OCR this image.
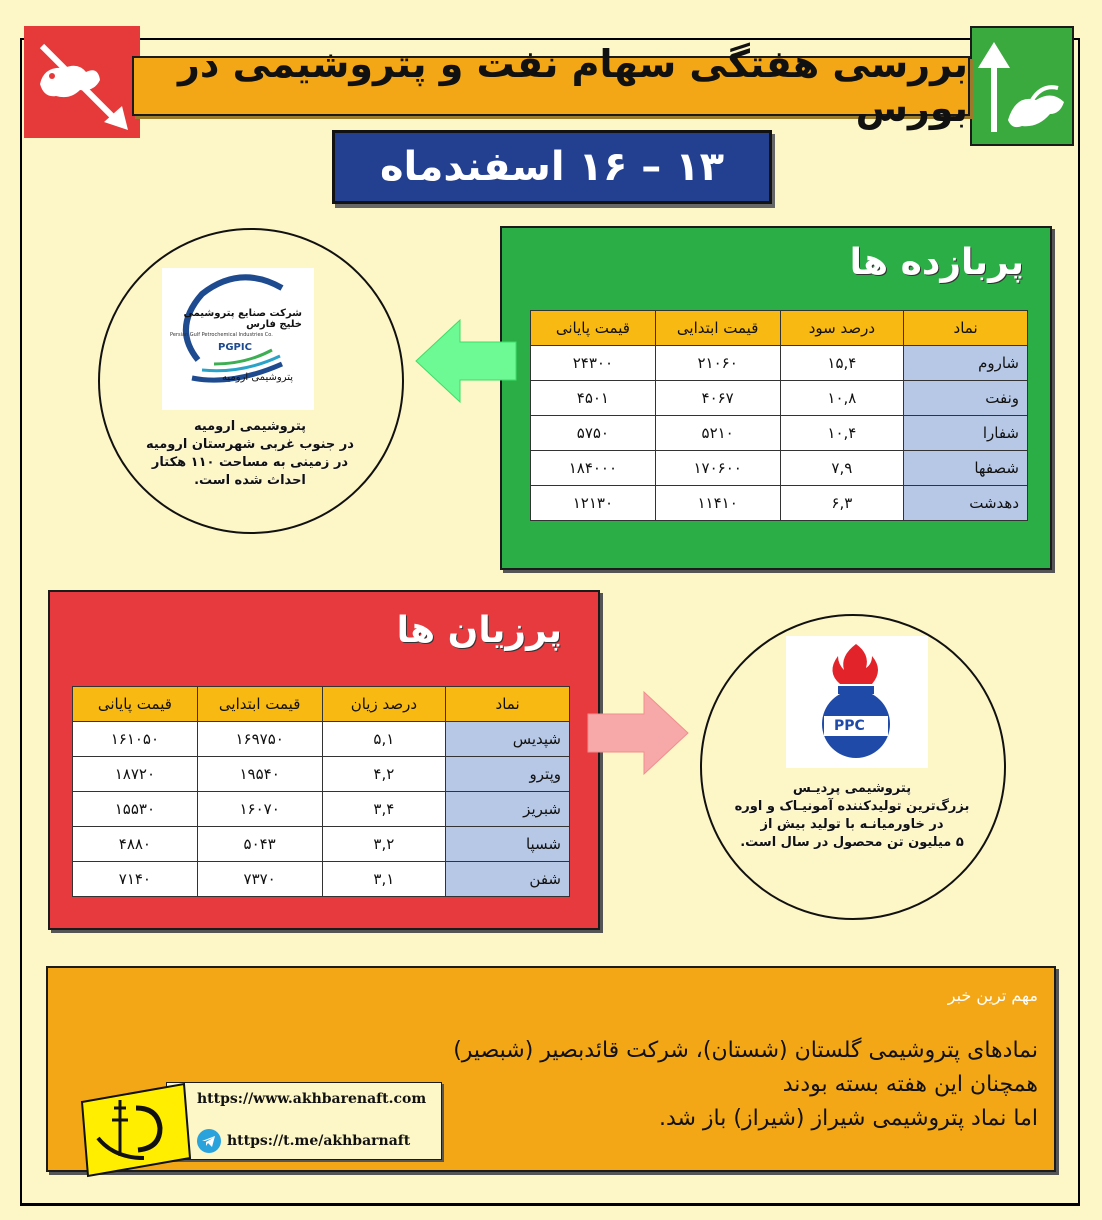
بررسی هفتگی سهام نفت و پتروشیمی در بورس
۱۳ – ۱۶ اسفندماه
پربازده ها
نماد	درصد سود	قیمت ابتدایی	قیمت پایانی
شاروم	۱۵,۴	۲۱۰۶۰	۲۴۳۰۰
ونفت	۱۰,۸	۴۰۶۷	۴۵۰۱
شفارا	۱۰,۴	۵۲۱۰	۵۷۵۰
شصفها	۷,۹	۱۷۰۶۰۰	۱۸۴۰۰۰
دهدشت	۶,۳	۱۱۴۱۰	۱۲۱۳۰
شرکت صنایع پتروشیمی خلیج فارس
Persian Gulf Petrochemical Industries Co.
PGPIC
پتروشیمی ارومیه
پتروشیمی ارومیه
در جنوب غربی شهرستان ارومیه
در زمینی به مساحت ۱۱۰ هکتار
احداث شده است.
پرزیان ها
نماد	درصد زیان	قیمت ابتدایی	قیمت پایانی
شپدیس	۵,۱	۱۶۹۷۵۰	۱۶۱۰۵۰
وپترو	۴,۲	۱۹۵۴۰	۱۸۷۲۰
شبریز	۳,۴	۱۶۰۷۰	۱۵۵۳۰
شسپا	۳,۲	۵۰۴۳	۴۸۸۰
شفن	۳,۱	۷۳۷۰	۷۱۴۰
PPC
پتروشیمی پردیـس
بزرگ‌ترین تولیدکننده آمونیـاک و اوره
در خاورمیانـه با تولید بیش از
۵ میلیون تن محصول در سال است.
مهم ترین خبر
نمادهای پتروشیمی گلستان (شستان)، شرکت قائدبصیر (شبصیر)
همچنان این هفته بسته بودند
اما نماد پتروشیمی شیراز (شیراز) باز شد.
https://www.akhbarenaft.com
https://t.me/akhbarnaft
